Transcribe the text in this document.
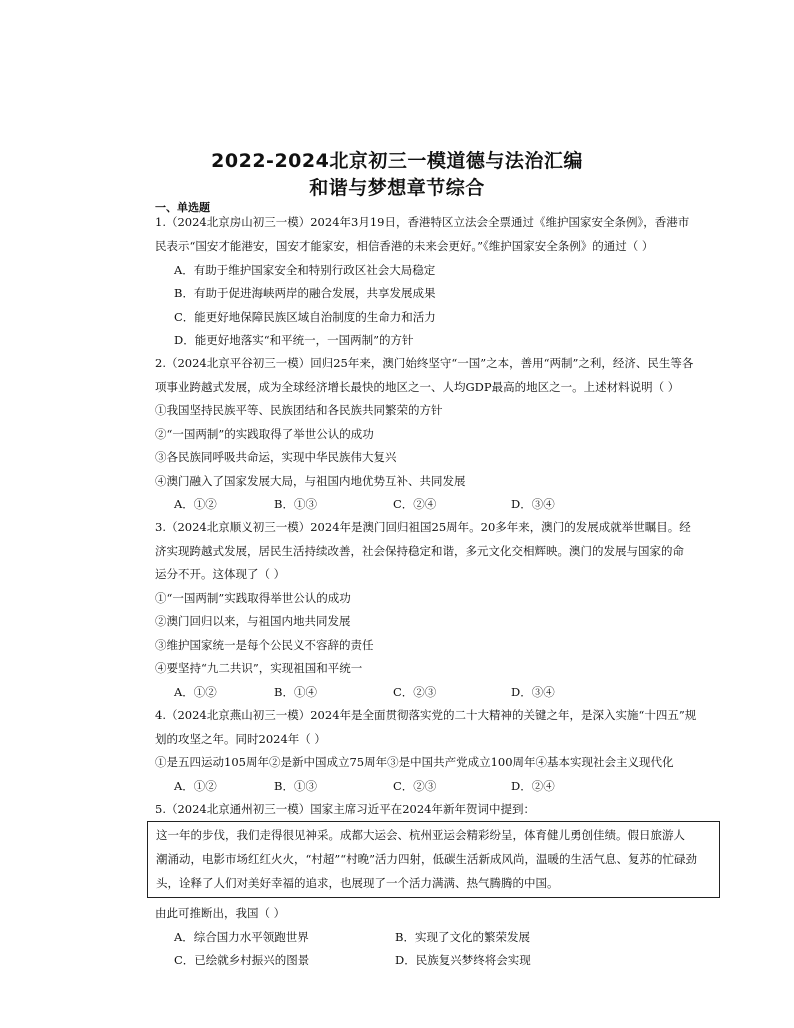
2022-2024北京初三一模道德与法治汇编
和谐与梦想章节综合
一、单选题
1.（2024北京房山初三一模）2024年3月19日，香港特区立法会全票通过《维护国家安全条例》，香港市
民表示“国安才能港安，国安才能家安，相信香港的未来会更好。”《维护国家安全条例》的通过（ ）
A．有助于维护国家安全和特别行政区社会大局稳定
B．有助于促进海峡两岸的融合发展，共享发展成果
C．能更好地保障民族区域自治制度的生命力和活力
D．能更好地落实“和平统一，一国两制”的方针
2.（2024北京平谷初三一模）回归25年来，澳门始终坚守“一国”之本，善用“两制”之利，经济、民生等各
项事业跨越式发展，成为全球经济增长最快的地区之一、人均GDP最高的地区之一。上述材料说明（ ）
①我国坚持民族平等、民族团结和各民族共同繁荣的方针
②“一国两制”的实践取得了举世公认的成功
③各民族同呼吸共命运，实现中华民族伟大复兴
④澳门融入了国家发展大局，与祖国内地优势互补、共同发展
A．①②	B．①③	C．②④	D．③④
3.（2024北京顺义初三一模）2024年是澳门回归祖国25周年。20多年来，澳门的发展成就举世瞩目。经
济实现跨越式发展，居民生活持续改善，社会保持稳定和谐，多元文化交相辉映。澳门的发展与国家的命
运分不开。这体现了（ ）
①“一国两制”实践取得举世公认的成功
②澳门回归以来，与祖国内地共同发展
③维护国家统一是每个公民义不容辞的责任
④要坚持“九二共识”，实现祖国和平统一
A．①②	B．①④	C．②③	D．③④
4.（2024北京燕山初三一模）2024年是全面贯彻落实党的二十大精神的关键之年，是深入实施“十四五”规
划的攻坚之年。同时2024年（ ）
①是五四运动105周年②是新中国成立75周年③是中国共产党成立100周年④基本实现社会主义现代化
A．①②	B．①③	C．②③	D．②④
5.（2024北京通州初三一模）国家主席习近平在2024年新年贺词中提到：
这一年的步伐，我们走得很见神采。成都大运会、杭州亚运会精彩纷呈，体育健儿勇创佳绩。假日旅游人
潮涌动，电影市场红红火火，“村超”“村晚”活力四射，低碳生活新成风尚，温暖的生活气息、复苏的忙碌劲
头，诠释了人们对美好幸福的追求，也展现了一个活力满满、热气腾腾的中国。
由此可推断出，我国（ ）
A．综合国力水平领跑世界	B．实现了文化的繁荣发展
C．已绘就乡村振兴的图景	D．民族复兴梦终将会实现
